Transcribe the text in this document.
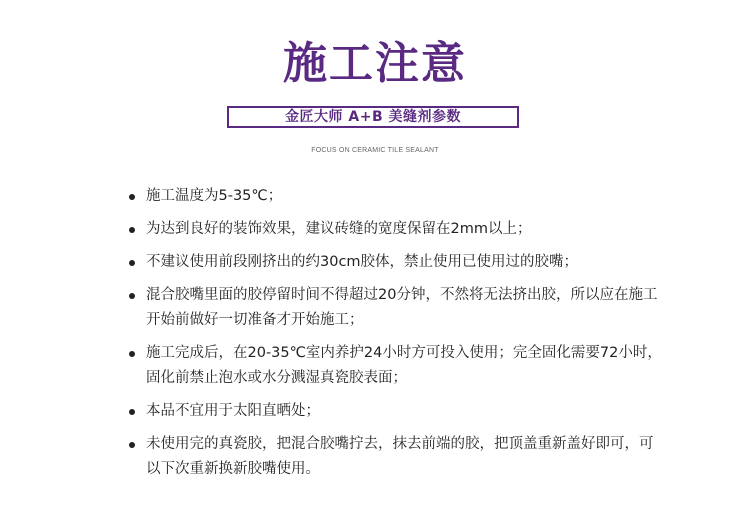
施工注意
金匠大师 A+B 美缝剂参数
FOCUS ON CERAMIC TILE SEALANT
施工温度为5-35℃；
为达到良好的装饰效果，建议砖缝的宽度保留在2mm以上；
不建议使用前段刚挤出的约30cm胶体，禁止使用已使用过的胶嘴；
混合胶嘴里面的胶停留时间不得超过20分钟，不然将无法挤出胶，所以应在施工开始前做好一切准备才开始施工；
施工完成后，在20-35℃室内养护24小时方可投入使用；完全固化需要72小时，固化前禁止泡水或水分溅湿真瓷胶表面；
本品不宜用于太阳直晒处；
未使用完的真瓷胶，把混合胶嘴拧去，抹去前端的胶，把顶盖重新盖好即可，可以下次重新换新胶嘴使用。
